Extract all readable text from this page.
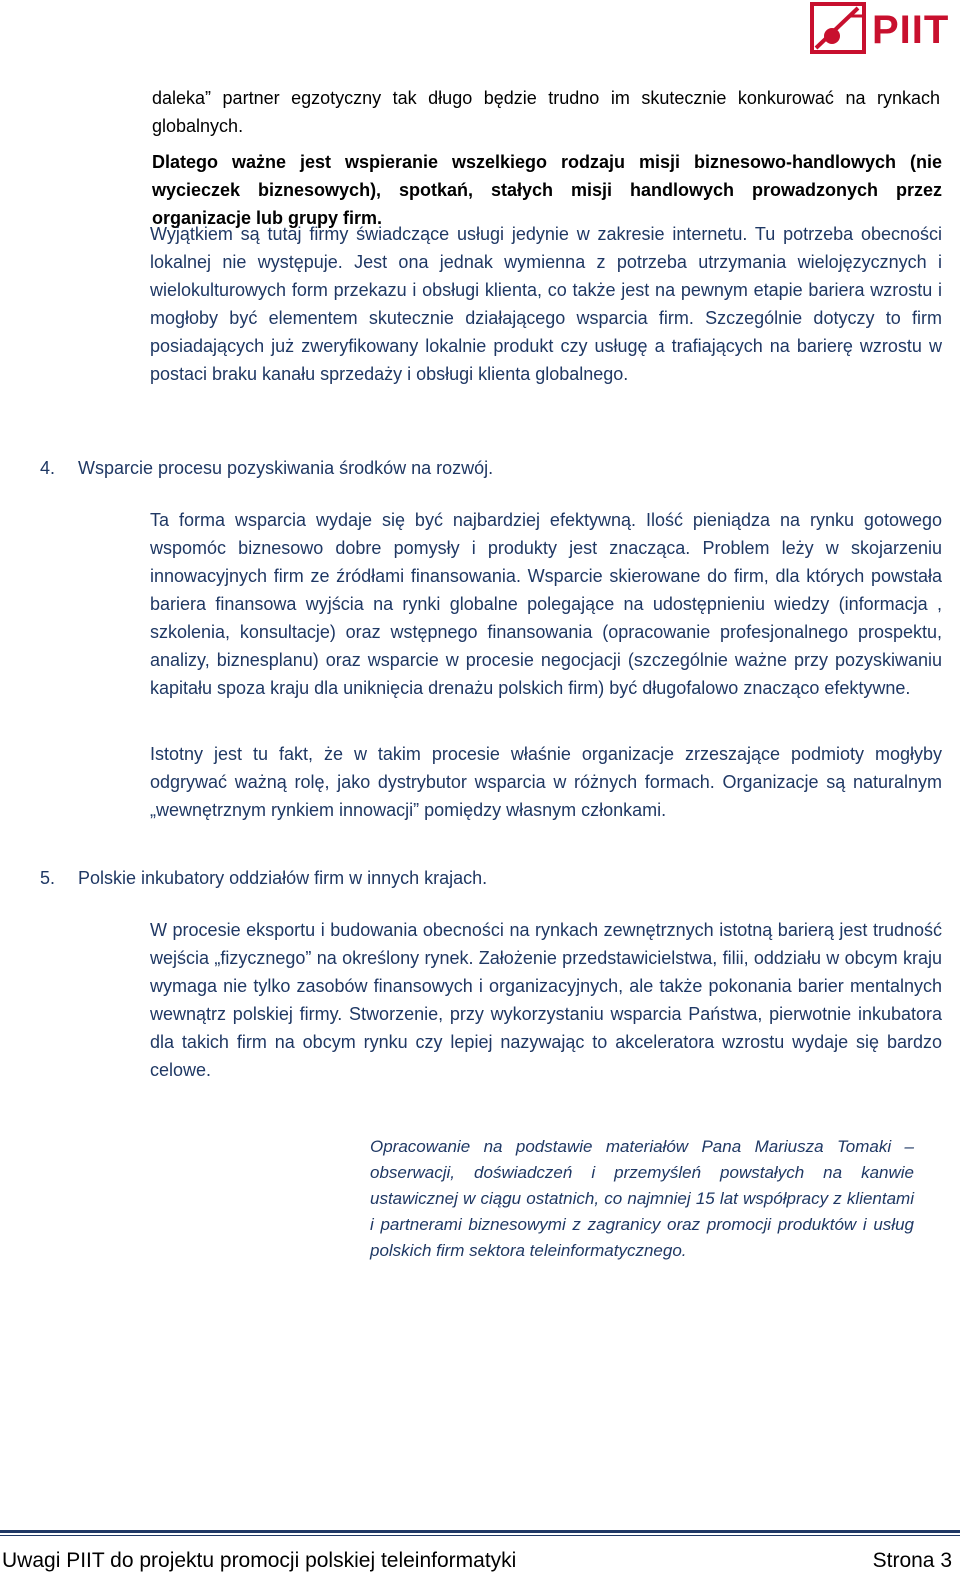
PIIT

daleka” partner egzotyczny tak długo będzie trudno im skutecznie konkurować na rynkach globalnych.

Dlatego ważne jest wspieranie wszelkiego rodzaju misji biznesowo-handlowych (nie wycieczek biznesowych), spotkań, stałych misji handlowych prowadzonych przez organizacje lub grupy firm.

Wyjątkiem są tutaj firmy świadczące usługi jedynie w zakresie internetu. Tu potrzeba obecności lokalnej nie występuje. Jest ona jednak wymienna z potrzeba utrzymania wielojęzycznych i wielokulturowych form przekazu i obsługi klienta, co także jest na pewnym etapie bariera wzrostu i mogłoby być elementem skutecznie działającego wsparcia firm. Szczególnie dotyczy to firm posiadających już zweryfikowany lokalnie produkt czy usługę a trafiających na barierę wzrostu w postaci braku kanału sprzedaży i obsługi klienta globalnego.

4. Wsparcie procesu pozyskiwania środków na rozwój.

Ta forma wsparcia wydaje się być najbardziej efektywną. Ilość pieniądza na rynku gotowego wspomóc biznesowo dobre pomysły i produkty jest znacząca. Problem leży w skojarzeniu innowacyjnych firm ze źródłami finansowania. Wsparcie skierowane do firm, dla których powstała bariera finansowa wyjścia na rynki globalne polegające na udostępnieniu wiedzy (informacja , szkolenia, konsultacje) oraz wstępnego finansowania (opracowanie profesjonalnego prospektu, analizy, biznesplanu) oraz wsparcie w procesie negocjacji (szczególnie ważne przy pozyskiwaniu kapitału spoza kraju dla uniknięcia drenażu polskich firm) być długofalowo znacząco efektywne.

Istotny jest tu fakt, że w takim procesie właśnie organizacje zrzeszające podmioty mogłyby odgrywać ważną rolę, jako dystrybutor wsparcia w różnych formach. Organizacje są naturalnym „wewnętrznym rynkiem innowacji” pomiędzy własnym członkami.

5. Polskie inkubatory oddziałów firm w innych krajach.

W procesie eksportu i budowania obecności na rynkach zewnętrznych istotną barierą jest trudność wejścia „fizycznego” na określony rynek. Założenie przedstawicielstwa, filii, oddziału w obcym kraju wymaga nie tylko zasobów finansowych i organizacyjnych, ale także pokonania barier mentalnych wewnątrz polskiej firmy. Stworzenie, przy wykorzystaniu wsparcia Państwa, pierwotnie inkubatora dla takich firm na obcym rynku czy lepiej nazywając to akceleratora wzrostu wydaje się bardzo celowe.

Opracowanie na podstawie materiałów Pana Mariusza Tomaki – obserwacji, doświadczeń i przemyśleń powstałych na kanwie ustawicznej w ciągu ostatnich, co najmniej 15 lat współpracy z klientami i partnerami biznesowymi z zagranicy oraz promocji produktów i usług polskich firm sektora teleinformatycznego.

Uwagi PIIT do projektu promocji polskiej teleinformatyki	Strona 3
